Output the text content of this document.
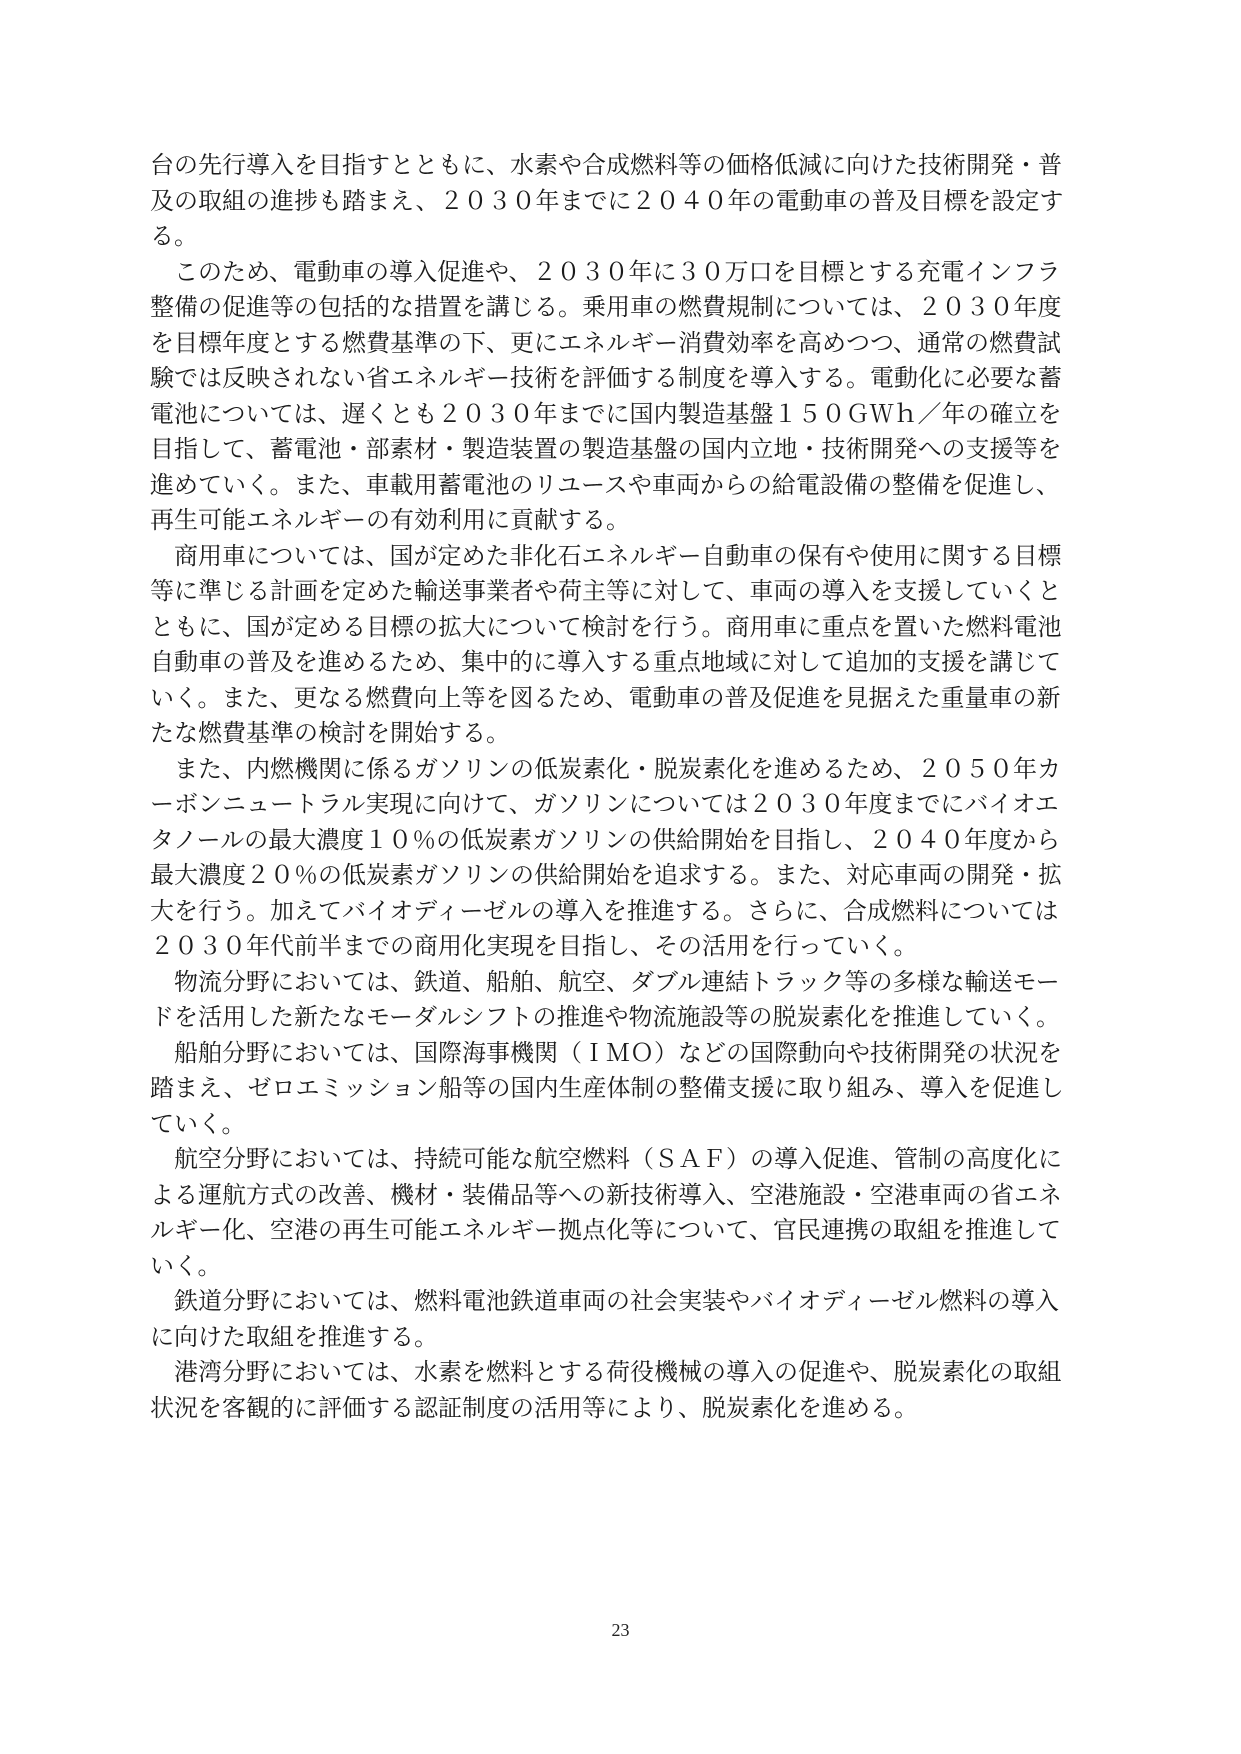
台の先行導入を目指すとともに、水素や合成燃料等の価格低減に向けた技術開発・普
及の取組の進捗も踏まえ、２０３０年までに２０４０年の電動車の普及目標を設定す
る。
　このため、電動車の導入促進や、２０３０年に３０万口を目標とする充電インフラ
整備の促進等の包括的な措置を講じる。乗用車の燃費規制については、２０３０年度
を目標年度とする燃費基準の下、更にエネルギー消費効率を高めつつ、通常の燃費試
験では反映されない省エネルギー技術を評価する制度を導入する。電動化に必要な蓄
電池については、遅くとも２０３０年までに国内製造基盤１５０ＧＷｈ／年の確立を
目指して、蓄電池・部素材・製造装置の製造基盤の国内立地・技術開発への支援等を
進めていく。また、車載用蓄電池のリユースや車両からの給電設備の整備を促進し、
再生可能エネルギーの有効利用に貢献する。
　商用車については、国が定めた非化石エネルギー自動車の保有や使用に関する目標
等に準じる計画を定めた輸送事業者や荷主等に対して、車両の導入を支援していくと
ともに、国が定める目標の拡大について検討を行う。商用車に重点を置いた燃料電池
自動車の普及を進めるため、集中的に導入する重点地域に対して追加的支援を講じて
いく。また、更なる燃費向上等を図るため、電動車の普及促進を見据えた重量車の新
たな燃費基準の検討を開始する。
　また、内燃機関に係るガソリンの低炭素化・脱炭素化を進めるため、２０５０年カ
ーボンニュートラル実現に向けて、ガソリンについては２０３０年度までにバイオエ
タノールの最大濃度１０％の低炭素ガソリンの供給開始を目指し、２０４０年度から
最大濃度２０％の低炭素ガソリンの供給開始を追求する。また、対応車両の開発・拡
大を行う。加えてバイオディーゼルの導入を推進する。さらに、合成燃料については
２０３０年代前半までの商用化実現を目指し、その活用を行っていく。
　物流分野においては、鉄道、船舶、航空、ダブル連結トラック等の多様な輸送モー
ドを活用した新たなモーダルシフトの推進や物流施設等の脱炭素化を推進していく。
　船舶分野においては、国際海事機関（ＩＭＯ）などの国際動向や技術開発の状況を
踏まえ、ゼロエミッション船等の国内生産体制の整備支援に取り組み、導入を促進し
ていく。
　航空分野においては、持続可能な航空燃料（ＳＡＦ）の導入促進、管制の高度化に
よる運航方式の改善、機材・装備品等への新技術導入、空港施設・空港車両の省エネ
ルギー化、空港の再生可能エネルギー拠点化等について、官民連携の取組を推進して
いく。
　鉄道分野においては、燃料電池鉄道車両の社会実装やバイオディーゼル燃料の導入
に向けた取組を推進する。
　港湾分野においては、水素を燃料とする荷役機械の導入の促進や、脱炭素化の取組
状況を客観的に評価する認証制度の活用等により、脱炭素化を進める。
23
